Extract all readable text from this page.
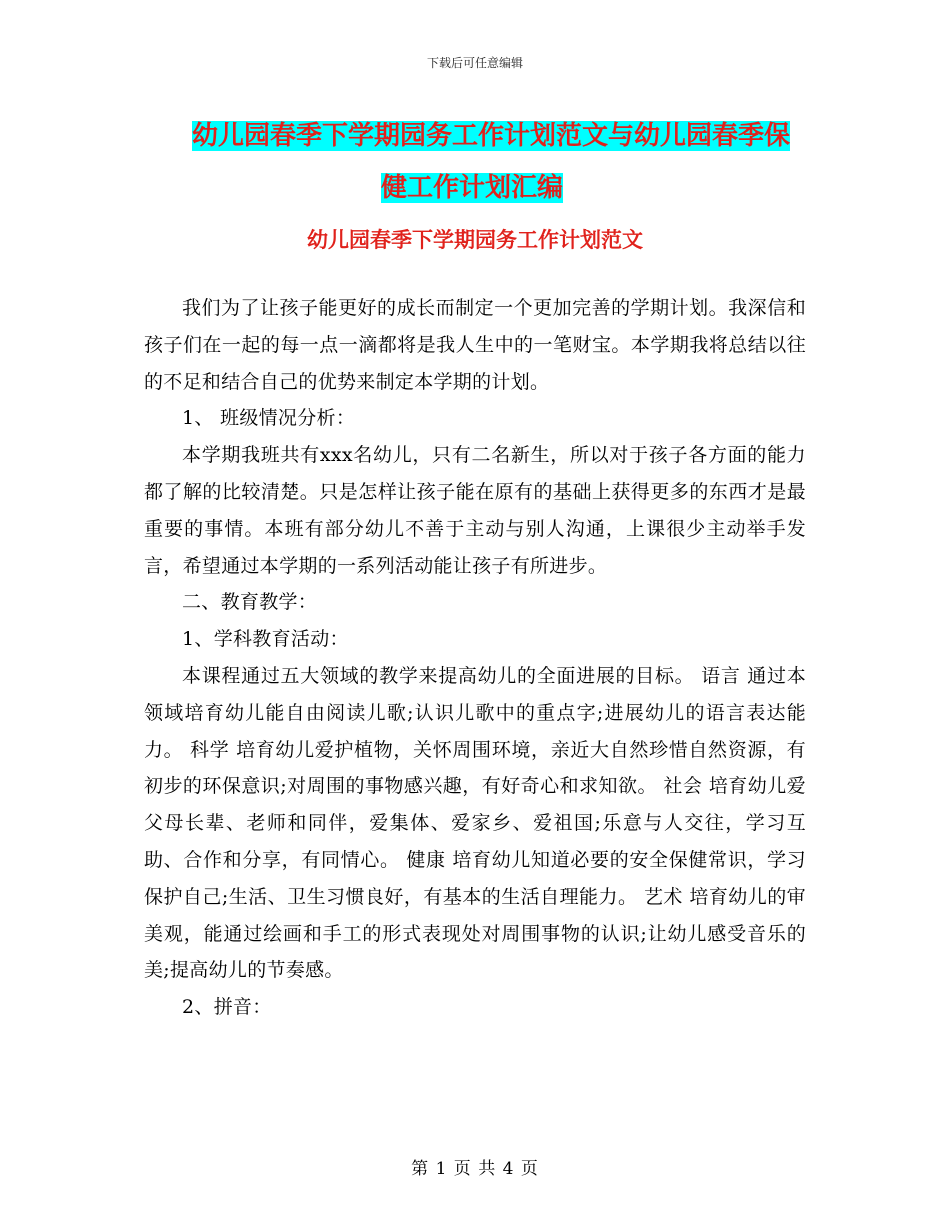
下载后可任意编辑
幼儿园春季下学期园务工作计划范文与幼儿园春季保
健工作计划汇编
幼儿园春季下学期园务工作计划范文

我们为了让孩子能更好的成长而制定一个更加完善的学期计划。我深信和孩子们在一起的每一点一滴都将是我人生中的一笔财宝。本学期我将总结以往的不足和结合自己的优势来制定本学期的计划。

1、 班级情况分析：

本学期我班共有xxx名幼儿，只有二名新生，所以对于孩子各方面的能力都了解的比较清楚。只是怎样让孩子能在原有的基础上获得更多的东西才是最重要的事情。本班有部分幼儿不善于主动与别人沟通，上课很少主动举手发言，希望通过本学期的一系列活动能让孩子有所进步。

二、教育教学：

1、学科教育活动：

本课程通过五大领域的教学来提高幼儿的全面进展的目标。 语言 通过本领域培育幼儿能自由阅读儿歌;认识儿歌中的重点字;进展幼儿的语言表达能力。 科学 培育幼儿爱护植物，关怀周围环境，亲近大自然珍惜自然资源，有初步的环保意识;对周围的事物感兴趣，有好奇心和求知欲。 社会 培育幼儿爱父母长辈、老师和同伴，爱集体、爱家乡、爱祖国;乐意与人交往，学习互助、合作和分享，有同情心。 健康 培育幼儿知道必要的安全保健常识，学习保护自己;生活、卫生习惯良好，有基本的生活自理能力。 艺术 培育幼儿的审美观，能通过绘画和手工的形式表现处对周围事物的认识;让幼儿感受音乐的美;提高幼儿的节奏感。

2、拼音：

第 1 页 共 4 页
